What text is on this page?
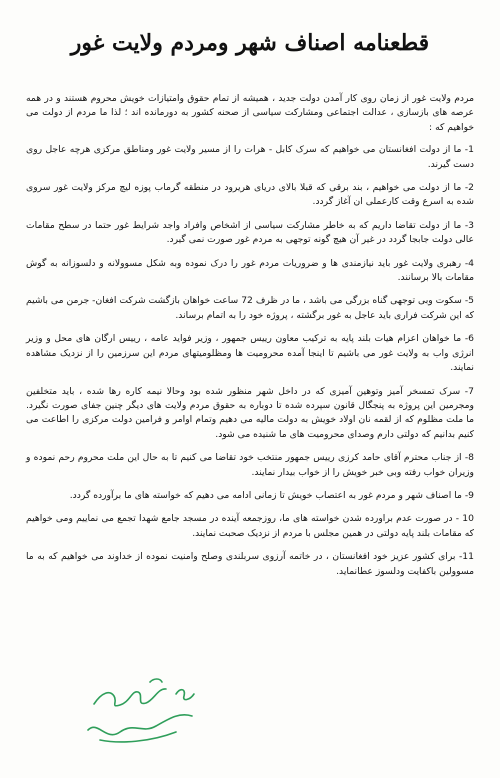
قطعنامه اصناف شهر ومردم ولایت غور

مردم ولایت غور از زمان روی کار آمدن دولت جدید ، همیشه از تمام حقوق وامتیازات خویش محروم هستند و در همه عرصه های بازسازی ، عدالت اجتماعی ومشارکت سیاسی از صحنه کشور به دورمانده اند ؛ لذا ما مردم از دولت می خواهیم که :

1- ما از دولت افغانستان می خواهیم که سرک کابل - هرات را از مسیر ولایت غور ومناطق مرکزی هرچه عاجل روی دست گیرند.

2- ما از دولت می خواهیم ، بند برقی که قبلا بالای دریای هریرود در منطقه گرماب پوزه لیچ مرکز ولایت غور سروی شده به اسرع وقت کارعملی ان آغاز گردد.

3- ما از دولت تقاضا داریم که به خاطر مشارکت سیاسی از اشخاص وافراد واجد شرایط غور حتما در سطح مقامات عالی دولت جابجا گردد در غیر آن هیچ گونه توجهی به مردم غور صورت نمی گیرد.

4- رهبری ولایت غور باید نیازمندی ها و ضروریات مردم غور را درک نموده وبه شکل مسوولانه و دلسوزانه به گوش مقامات بالا برسانند.

5- سکوت وبی توجهی گناه بزرگی می باشد ، ما در ظرف 72 ساعت خواهان بازگشت شرکت افغان- جرمن می باشیم که این شرکت فراری باید عاجل به غور برگشته ، پروژه خود را به اتمام برساند.

6- ما خواهان اعزام هیات بلند پایه به ترکیب معاون رییس جمهور ، وزیر فواید عامه ، رییس ارگان های محل و وزیر انرژی واب به ولایت غور می باشیم تا اینجا آمده محرومیت ها ومظلومیتهای مردم این سرزمین را از نزدیک مشاهده نمایند.

7- سرک تمسخر آمیز وتوهین آمیزی که در داخل شهر منظور شده بود وحالا نیمه کاره رها شده ، باید متخلفین ومجرمین این پروژه به پنجگال قانون سپرده شده تا دوباره به حقوق مردم ولایت های دیگر چنین جفای صورت نگیرد. ما ملت مظلوم که از لقمه نان اولاد خویش به دولت مالیه می دهیم وتمام اوامر و فرامین دولت مرکزی را اطاعت می کنیم بدانیم که دولتی دارم وصدای محرومیت های ما شنیده می شود.

8- از جناب محترم آقای حامد کرزی رییس جمهور منتخب خود تقاضا می کنیم تا به حال این ملت محروم رحم نموده و وزیران خواب رفته وبی خبر خویش را از خواب بیدار نمایند.

9- ما اصناف شهر و مردم غور به اعتصاب خویش تا زمانی ادامه می دهیم که خواسته های ما برآورده گردد.

10 - در صورت عدم براورده شدن خواسته های ما، روزجمعه آینده در مسجد جامع شهدا تجمع می نماییم ومی خواهیم که مقامات بلند پایه دولتی در همین مجلس با مردم از نزدیک صحبت نمایند.

11- برای کشور عزیز خود افغانستان ، در خاتمه آرزوی سربلندی وصلح وامنیت نموده از خداوند می خواهیم که به ما مسوولین باکفایت ودلسوز عطانماید.
